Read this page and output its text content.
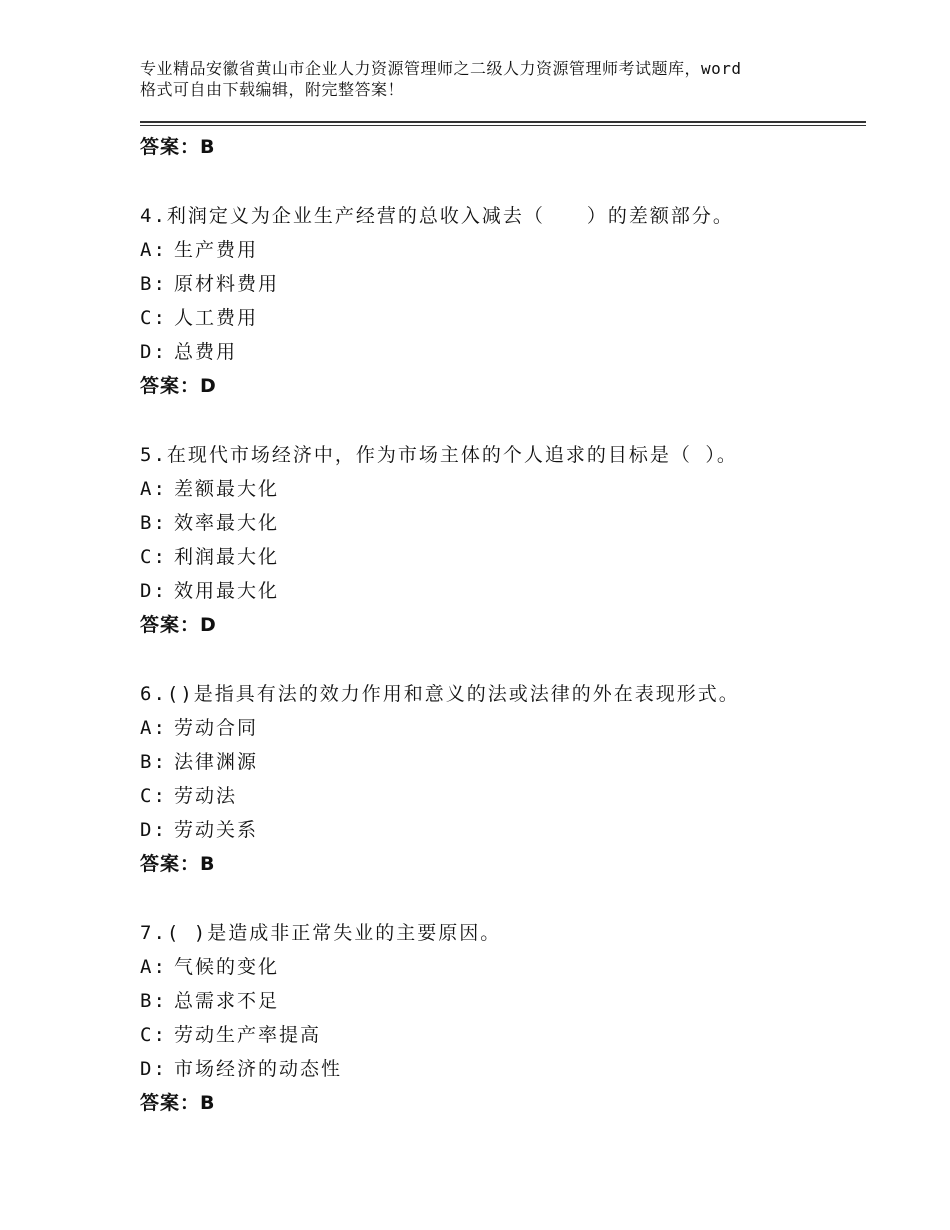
专业精品安徽省黄山市企业人力资源管理师之二级人力资源管理师考试题库，word
格式可自由下载编辑，附完整答案！
答案：B
4.利润定义为企业生产经营的总收入减去（　　）的差额部分。
A: 生产费用
B: 原材料费用
C: 人工费用
D: 总费用
答案：D
5.在现代市场经济中，作为市场主体的个人追求的目标是（ ）。
A: 差额最大化
B: 效率最大化
C: 利润最大化
D: 效用最大化
答案：D
6.()是指具有法的效力作用和意义的法或法律的外在表现形式。
A: 劳动合同
B: 法律渊源
C: 劳动法
D: 劳动关系
答案：B
7.( )是造成非正常失业的主要原因。
A: 气候的变化
B: 总需求不足
C: 劳动生产率提高
D: 市场经济的动态性
答案：B
